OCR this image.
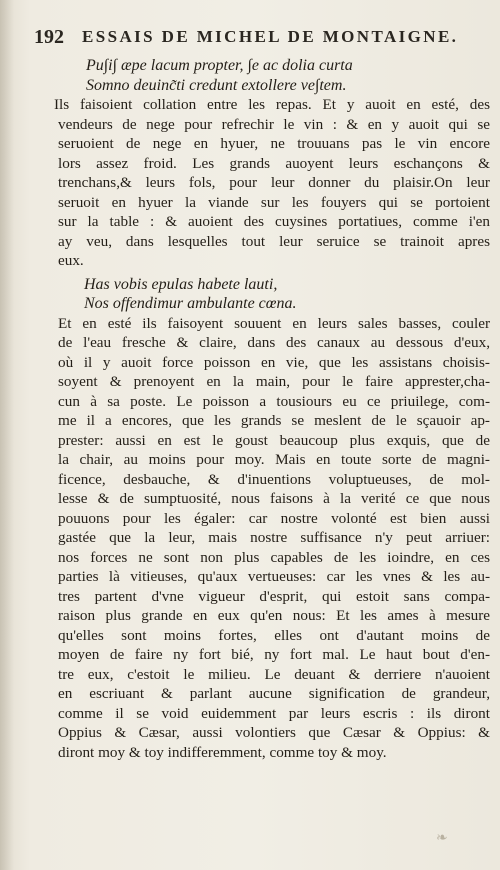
192 ESSAIS DE MICHEL DE MONTAIGNE.
Pu∫i∫ æpe lacum propter, ∫e ac dolia curta
Somno deuinc̃ti credunt extollere ve∫tem.
Ils faisoient collation entre les repas. Et y auoit en esté, des
vendeurs de nege pour refrechir le vin : & en y auoit qui se
seruoient de nege en hyuer, ne trouuans pas le vin encore
lors assez froid. Les grands auoyent leurs eschançons &
trenchans,& leurs fols, pour leur donner du plaisir.On leur
seruoit en hyuer la viande sur les fouyers qui se portoient
sur la table : & auoient des cuysines portatiues, comme i'en
ay veu, dans lesquelles tout leur seruice se trainoit apres
eux.
Has vobis epulas habete lauti,
Nos offendimur ambulante cœna.
Et en esté ils faisoyent souuent en leurs sales basses, couler
de l'eau fresche & claire, dans des canaux au dessous d'eux,
où il y auoit force poisson en vie, que les assistans choisis-
soyent & prenoyent en la main, pour le faire apprester,cha-
cun à sa poste. Le poisson a tousiours eu ce priuilege, com-
me il a encores, que les grands se meslent de le sçauoir ap-
prester: aussi en est le goust beaucoup plus exquis, que de
la chair, au moins pour moy. Mais en toute sorte de magni-
ficence, desbauche, & d'inuentions voluptueuses, de mol-
lesse & de sumptuosité, nous faisons à la verité ce que nous
pouuons pour les égaler: car nostre volonté est bien aussi
gastée que la leur, mais nostre suffisance n'y peut arriuer:
nos forces ne sont non plus capables de les ioindre, en ces
parties là vitieuses, qu'aux vertueuses: car les vnes & les au-
tres partent d'vne vigueur d'esprit, qui estoit sans compa-
raison plus grande en eux qu'en nous: Et les ames à mesure
qu'elles sont moins fortes, elles ont d'autant moins de
moyen de faire ny fort bié, ny fort mal. Le haut bout d'en-
tre eux, c'estoit le milieu. Le deuant & derriere n'auoient
en escriuant & parlant aucune signification de grandeur,
comme il se void euidemment par leurs escris : ils diront
Oppius & Cæsar, aussi volontiers que Cæsar & Oppius: &
diront moy & toy indifferemment, comme toy & moy.
❧
